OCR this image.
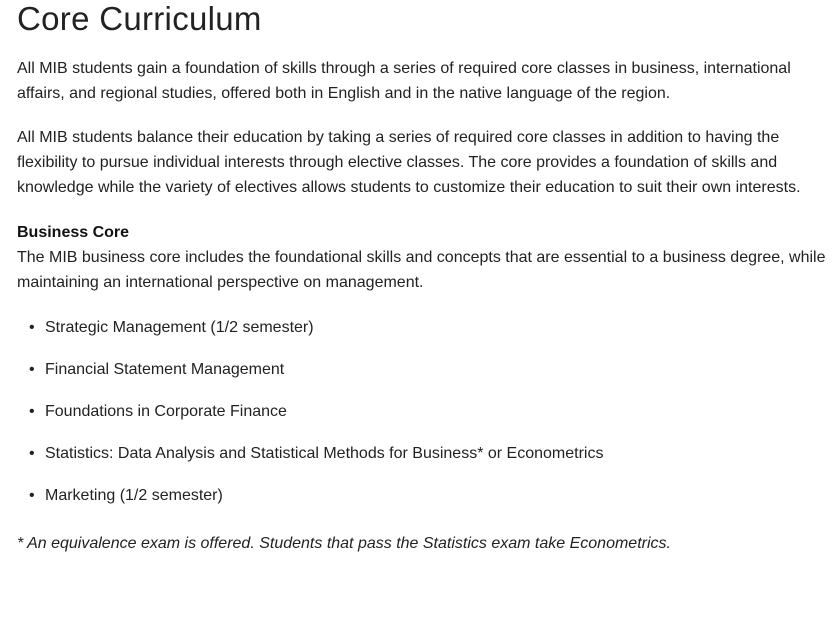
Core Curriculum

All MIB students gain a foundation of skills through a series of required core classes in business, international affairs, and regional studies, offered both in English and in the native language of the region.

All MIB students balance their education by taking a series of required core classes in addition to having the flexibility to pursue individual interests through elective classes. The core provides a foundation of skills and knowledge while the variety of electives allows students to customize their education to suit their own interests.

Business Core

The MIB business core includes the foundational skills and concepts that are essential to a business degree, while maintaining an international perspective on management.

• Strategic Management (1/2 semester)
• Financial Statement Management
• Foundations in Corporate Finance
• Statistics: Data Analysis and Statistical Methods for Business* or Econometrics
• Marketing (1/2 semester)

* An equivalence exam is offered. Students that pass the Statistics exam take Econometrics.
